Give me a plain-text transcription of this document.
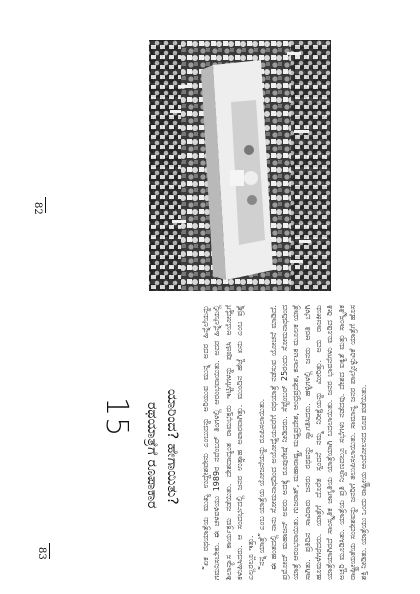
82
15 ರಥಯಾತ್ರೆಗೆ ರೂಪಾಕಾರ ಯಾರಿಂದ? ಹೇಗಾಯಿತು?	“ಏಕ ರಥಯಾತ್ರೆಯ ಮುಖ್ಯ ಉದ್ದೇಶವೇನು ಎಂಬುದನ್ನು ಅರಿಯುವ ಮುನ್ನ ಅದರ ಹಿನ್ನೆಲೆಯನ್ನು ಗಮನಿಸಬೇಕು. ಈ ಚಳವಳಿಯು 1989ರ ನವೆಂಬರ್ ತಿಂಗಳಲ್ಲಿ ಆರಂಭವಾಯಿತು. ಅದರ ಹಿನ್ನೆಲೆಯಲ್ಲಿ ಶಿಲಾನ್ಯಾಸ ಕಾರ್ಯಕ್ರಮ ನಡೆಯಿತು. ದೇಶದಾದ್ಯಂತ ರಾಮಭಕ್ತರು ಇಟ್ಟಿಗೆಗಳನ್ನು ಪೂಜಿಸಿ ಅಯೋಧ್ಯೆಗೆ ಕಳುಹಿಸಿದರು. ಆ ಸಂದರ್ಭದಲ್ಲಿ ಜನರ ಉತ್ಸಾಹ ಅಪಾರವಾಗಿತ್ತು. ಮುಂದಿನ ಹೆಜ್ಜೆ ಏನು ಎಂಬ ಪ್ರಶ್ನೆ ಎಲ್ಲರಲ್ಲೂ ಇತ್ತು. “ನನ್ನ ಯಾತ್ರೆ” ಎಂಬ ಯಾತ್ರೆಯ ಯೋಜನೆಯನ್ನು ರೂಪಿಸಲಾಯಿತು. ಈ ಹಂತದಲ್ಲಿ ನಾನು ಸೋಮನಾಥದಿಂದ ಅಯೋಧ್ಯೆಯವರೆಗೆ ರಥಯಾತ್ರೆ ನಡೆಸುವ ಯೋಚನೆ ಮಾಡಿದೆ. ಪ್ರಮೋದ್ ಮಹಾಜನ್ ಅವರು ಅದಕ್ಕೆ ರೂಪುರೇಷೆ ನೀಡಿದರು. ಸೆಪ್ಟೆಂಬರ್ 25ರಂದು ಸೋಮನಾಥದಿಂದ ಯಾತ್ರೆ ಆರಂಭವಾಯಿತು. ಗುಜರಾತ್, ಮಹಾರಾಷ್ಟ್ರ, ಮಧ್ಯಪ್ರದೇಶ, ಆಂಧ್ರಪ್ರದೇಶ, ಕರ್ನಾಟಕ ಮೂಲಕ ಯಾತ್ರೆ ಸಾಗಿತು. ಪ್ರತಿದಿನ ಸಾವಿರಾರು ಜನರು ರಥವನ್ನು ಸ್ವಾಗತಿಸಿದರು. ಹಳ್ಳಿಗಳಲ್ಲಿ ಜನರು ಆರತಿ ಬೆಳಗಿ ಹೂಮಳೆಗರೆದರು. ಯಾತ್ರೆಗೆ ದೊರೆತ ಸ್ಪಂದನೆ ನಮ್ಮ ನಿರೀಕ್ಷೆಯನ್ನು ಮೀರಿತ್ತು. ಅದು ರಾಜಕೀಯ ಯಾತ್ರೆಯಾಗಿರದೆ ಸಾಂಸ್ಕೃತಿಕ ಜಾಗೃತಿಯ ಯಾತ್ರೆಯಾಗಿ ಬದಲಾಯಿತು. ಜನರ ಭಾವನೆಗಳು ಮೂಡಿದ ರೀತಿ ಅಚ್ಚರಿ ಮೂಡಿಸಿತು. ಯಾತ್ರೆಯ ಪ್ರತಿ ನಿಲ್ದಾಣದಲ್ಲೂ ಸಭೆಗಳು ನಡೆದವು. ದೇಶದ ಐಕ್ಯತೆ ಮತ್ತು ಸಾಂಸ್ಕೃತಿಕ ರಾಷ್ಟ್ರೀಯತೆಯ ಸಂದೇಶವನ್ನು ಜನರಿಗೆ ತಲುಪಿಸಲಾಯಿತು. ಸಾಮಾನ್ಯ ಜನರ ಪಾಲ್ಗೊಳ್ಳುವಿಕೆ ಯಾತ್ರೆಗೆ ಹೊಸ ಶಕ್ತಿ ನೀಡಿತು. ಯಾತ್ರೆಯು ಒಂದು ರಾಷ್ಟ್ರೀಯ ಆಂದೋಲನದ ರೂಪ ಪಡೆಯಿತು.

83
